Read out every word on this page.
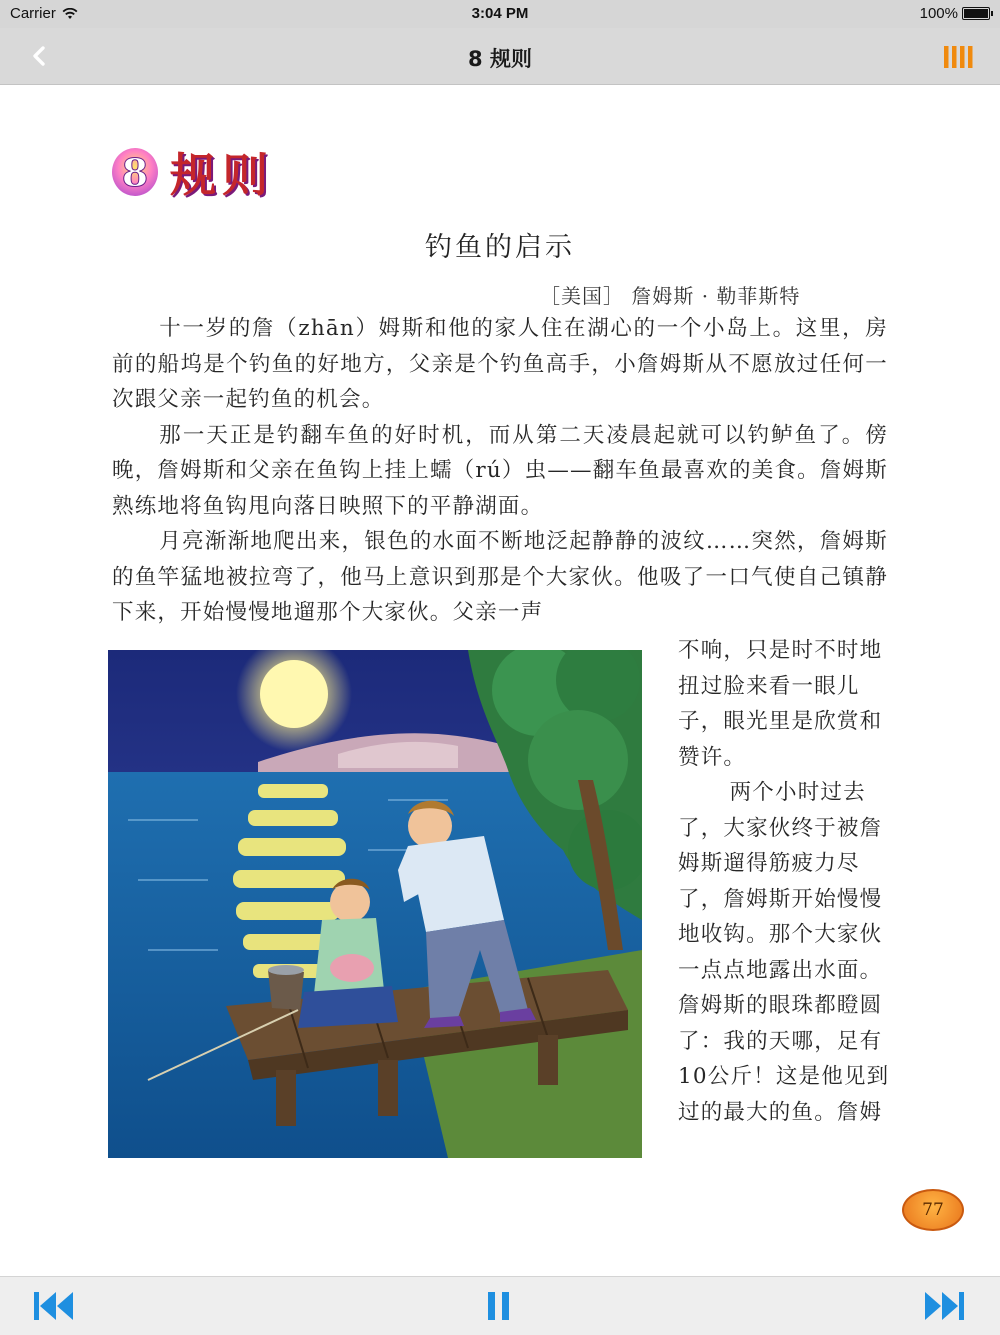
Carrier	3:04 PM	100%
8 规则
8 规则
钓鱼的启示
［美国］ 詹姆斯 · 勒菲斯特

十一岁的詹（zhān）姆斯和他的家人住在湖心的一个小岛上。这里，房前的船坞是个钓鱼的好地方，父亲是个钓鱼高手，小詹姆斯从不愿放过任何一次跟父亲一起钓鱼的机会。

那一天正是钓翻车鱼的好时机，而从第二天凌晨起就可以钓鲈鱼了。傍晚，詹姆斯和父亲在鱼钩上挂上蠕（rú）虫——翻车鱼最喜欢的美食。詹姆斯熟练地将鱼钩甩向落日映照下的平静湖面。

月亮渐渐地爬出来，银色的水面不断地泛起静静的波纹……突然，詹姆斯的鱼竿猛地被拉弯了，他马上意识到那是个大家伙。他吸了一口气使自己镇静下来，开始慢慢地遛那个大家伙。父亲一声

不响，只是时不时地扭过脸来看一眼儿子，眼光里是欣赏和赞许。

两个小时过去了，大家伙终于被詹姆斯遛得筋疲力尽了，詹姆斯开始慢慢地收钩。那个大家伙一点点地露出水面。詹姆斯的眼珠都瞪圆了：我的天哪，足有10公斤！这是他见到过的最大的鱼。詹姆

77
